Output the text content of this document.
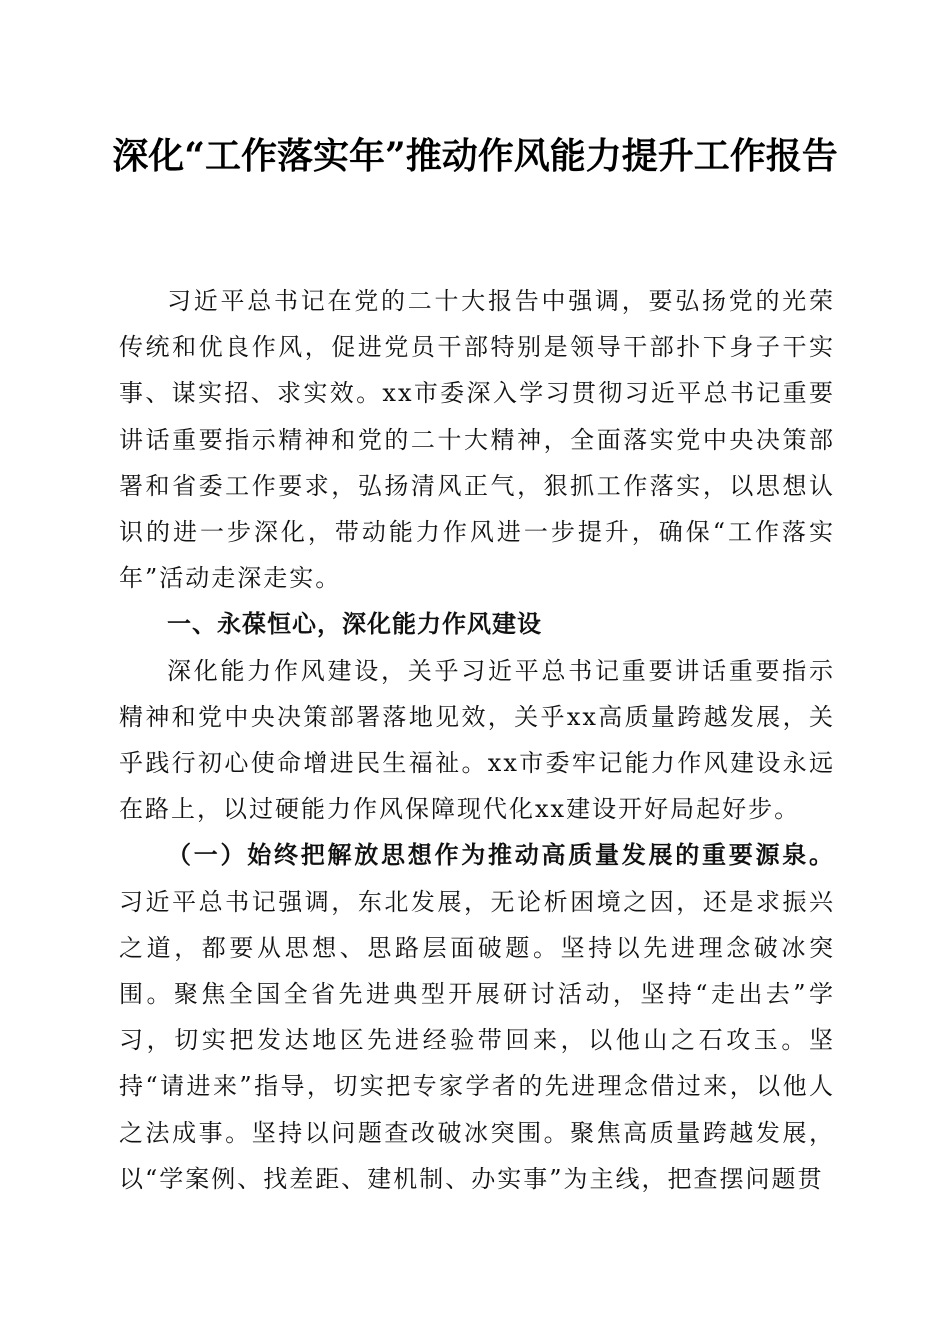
深化“工作落实年”推动作风能力提升工作报告

习近平总书记在党的二十大报告中强调，要弘扬党的光荣传统和优良作风，促进党员干部特别是领导干部扑下身子干实事、谋实招、求实效。xx市委深入学习贯彻习近平总书记重要讲话重要指示精神和党的二十大精神，全面落实党中央决策部署和省委工作要求，弘扬清风正气，狠抓工作落实，以思想认识的进一步深化，带动能力作风进一步提升，确保“工作落实年”活动走深走实。

一、永葆恒心，深化能力作风建设

深化能力作风建设，关乎习近平总书记重要讲话重要指示精神和党中央决策部署落地见效，关乎xx高质量跨越发展，关乎践行初心使命增进民生福祉。xx市委牢记能力作风建设永远在路上，以过硬能力作风保障现代化xx建设开好局起好步。

（一）始终把解放思想作为推动高质量发展的重要源泉。习近平总书记强调，东北发展，无论析困境之因，还是求振兴之道，都要从思想、思路层面破题。坚持以先进理念破冰突围。聚焦全国全省先进典型开展研讨活动，坚持“走出去”学习，切实把发达地区先进经验带回来，以他山之石攻玉。坚持“请进来”指导，切实把专家学者的先进理念借过来，以他人之法成事。坚持以问题查改破冰突围。聚焦高质量跨越发展，以“学案例、找差距、建机制、办实事”为主线，把查摆问题贯
